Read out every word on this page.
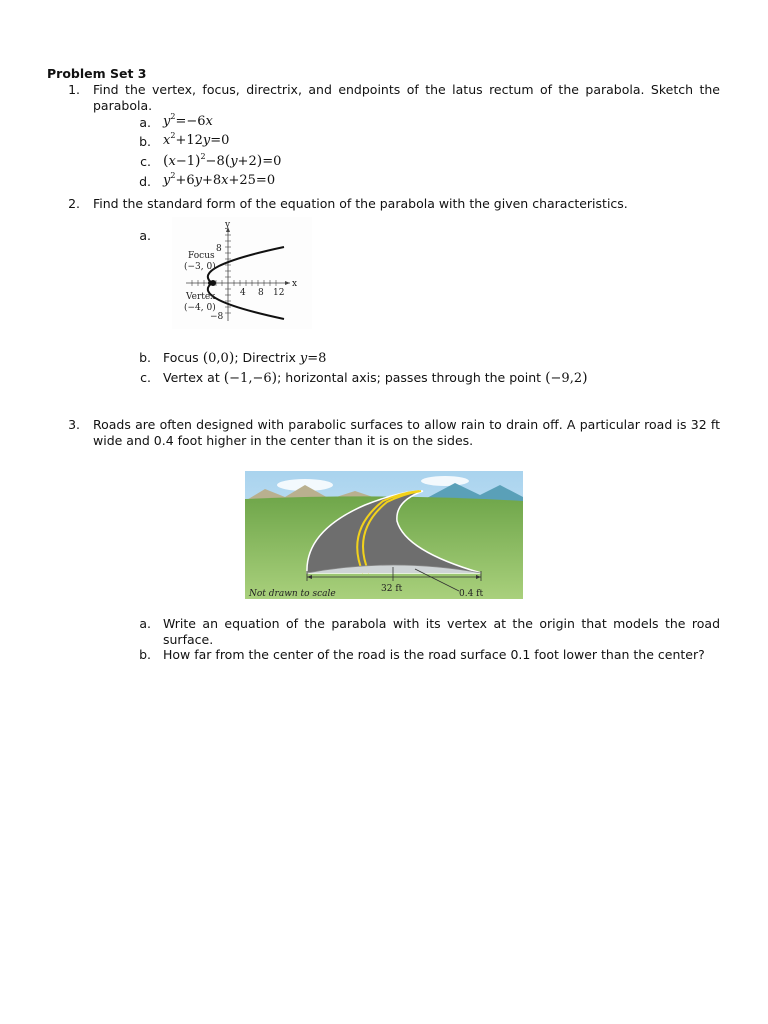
Problem Set 3
1. Find the vertex, focus, directrix, and endpoints of the latus rectum of the parabola. Sketch the parabola.
a. $y^2=-6x$
b. $x^2+12y=0$
c. $(x-1)^2-8(y+2)=0$
d. $y^2+6y+8x+25=0$
2. Find the standard form of the equation of the parabola with the given characteristics.
a.
y
x
8
−8
4 8 12
Focus
(−3, 0)
Vertex
(−4, 0)
b. Focus (0,0); Directrix y=8
c. Vertex at (−1,−6); horizontal axis; passes through the point (−9,2)
3. Roads are often designed with parabolic surfaces to allow rain to drain off. A particular road is 32 ft wide and 0.4 foot higher in the center than it is on the sides.
32 ft	0.4 ft
Not drawn to scale
a. Write an equation of the parabola with its vertex at the origin that models the road surface.
b. How far from the center of the road is the road surface 0.1 foot lower than the center?
